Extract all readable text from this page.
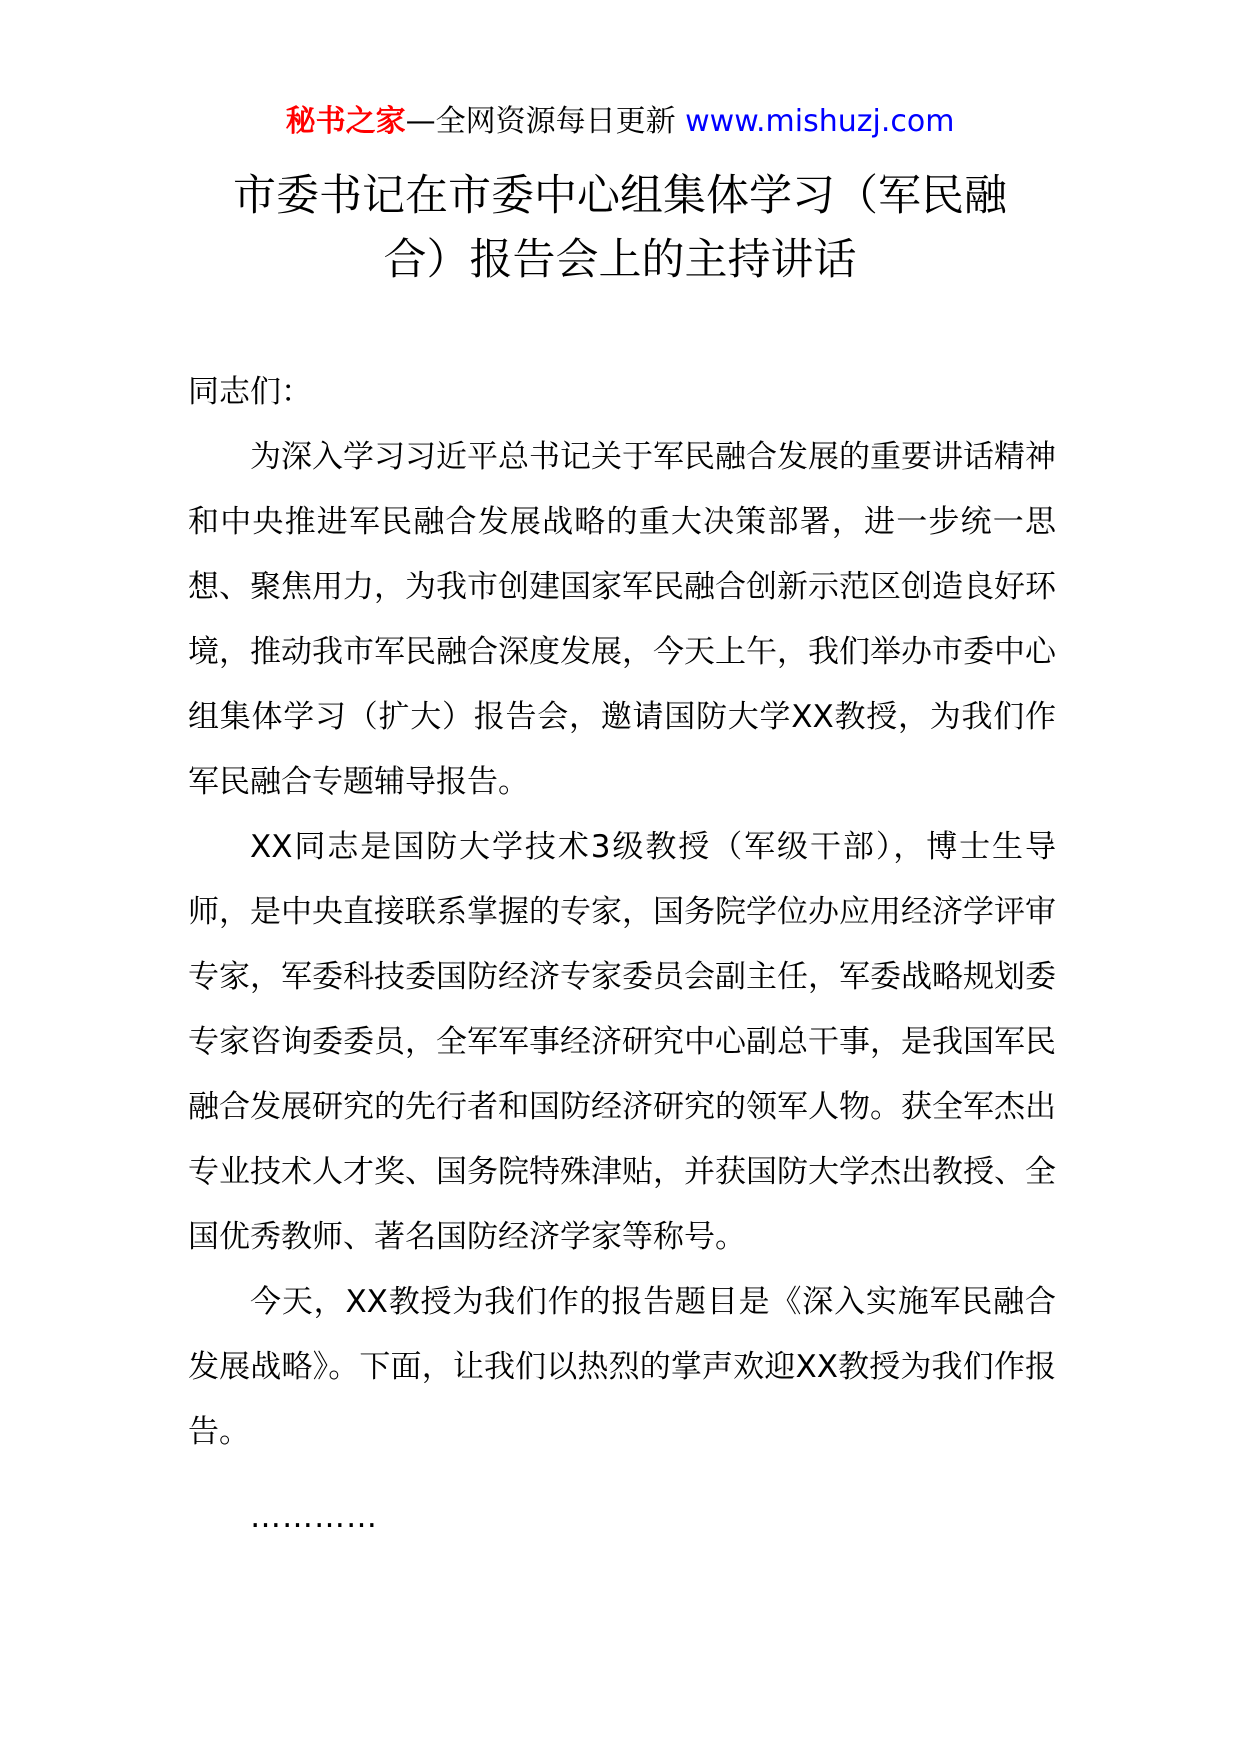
秘书之家—全网资源每日更新 www.mishuzj.com
市委书记在市委中心组集体学习（军民融
合）报告会上的主持讲话

同志们：

为深入学习习近平总书记关于军民融合发展的重要讲话精神和中央推进军民融合发展战略的重大决策部署，进一步统一思想、聚焦用力，为我市创建国家军民融合创新示范区创造良好环境，推动我市军民融合深度发展，今天上午，我们举办市委中心组集体学习（扩大）报告会，邀请国防大学XX教授，为我们作军民融合专题辅导报告。

XX同志是国防大学技术3级教授（军级干部），博士生导师，是中央直接联系掌握的专家，国务院学位办应用经济学评审专家，军委科技委国防经济专家委员会副主任，军委战略规划委专家咨询委委员，全军军事经济研究中心副总干事，是我国军民融合发展研究的先行者和国防经济研究的领军人物。获全军杰出专业技术人才奖、国务院特殊津贴，并获国防大学杰出教授、全国优秀教师、著名国防经济学家等称号。

今天，XX教授为我们作的报告题目是《深入实施军民融合发展战略》。下面，让我们以热烈的掌声欢迎XX教授为我们作报告。

…………
